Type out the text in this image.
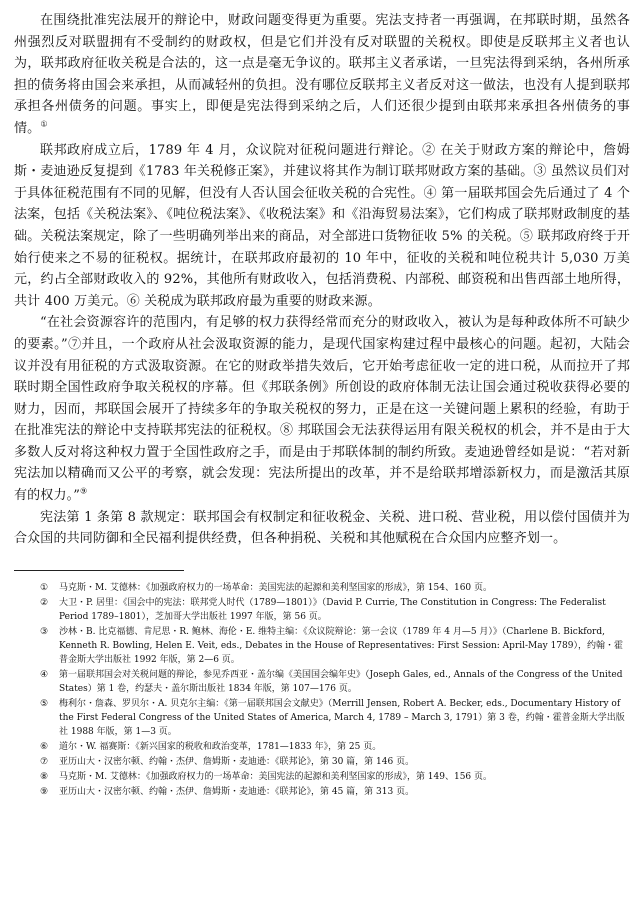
在围绕批准宪法展开的辩论中，财政问题变得更为重要。宪法支持者一再强调，在邦联时期，虽然各州强烈反对联盟拥有不受制约的财政权，但是它们并没有反对联盟的关税权。即使是反联邦主义者也认为，联邦政府征收关税是合法的，这一点是毫无争议的。联邦主义者承诺，一旦宪法得到采纳，各州所承担的债务将由国会来承担，从而减轻州的负担。没有哪位反联邦主义者反对这一做法，也没有人提到联邦承担各州债务的问题。事实上，即便是宪法得到采纳之后，人们还很少提到由联邦来承担各州债务的事情。①

联邦政府成立后，1789 年 4 月，众议院对征税问题进行辩论。② 在关于财政方案的辩论中，詹姆斯・麦迪逊反复提到《1783 年关税修正案》，并建议将其作为制订联邦财政方案的基础。③ 虽然议员们对于具体征税范围有不同的见解，但没有人否认国会征收关税的合宪性。④ 第一届联邦国会先后通过了 4 个法案，包括《关税法案》、《吨位税法案》、《收税法案》和《沿海贸易法案》，它们构成了联邦财政制度的基础。关税法案规定，除了一些明确列举出来的商品，对全部进口货物征收 5% 的关税。⑤ 联邦政府终于开始行使来之不易的征税权。据统计，在联邦政府最初的 10 年中，征收的关税和吨位税共计 5,030 万美元，约占全部财政收入的 92%，其他所有财政收入，包括消费税、内部税、邮资税和出售西部土地所得，共计 400 万美元。⑥ 关税成为联邦政府最为重要的财政来源。

“在社会资源容许的范围内，有足够的权力获得经常而充分的财政收入，被认为是每种政体所不可缺少的要素。”⑦并且，一个政府从社会汲取资源的能力，是现代国家构建过程中最核心的问题。起初，大陆会议并没有用征税的方式汲取资源。在它的财政举措失效后，它开始考虑征收一定的进口税，从而拉开了邦联时期全国性政府争取关税权的序幕。但《邦联条例》所创设的政府体制无法让国会通过税收获得必要的财力，因而，邦联国会展开了持续多年的争取关税权的努力，正是在这一关键问题上累积的经验，有助于在批准宪法的辩论中支持联邦宪法的征税权。⑧ 邦联国会无法获得运用有限关税权的机会，并不是由于大多数人反对将这种权力置于全国性政府之手，而是由于邦联体制的制约所致。麦迪逊曾经如是说：“若对新宪法加以精确而又公平的考察，就会发现：宪法所提出的改革，并不是给联邦增添新权力，而是激活其原有的权力。”⑨

宪法第 1 条第 8 款规定：联邦国会有权制定和征收税金、关税、进口税、营业税，用以偿付国债并为合众国的共同防御和全民福利提供经费，但各种捐税、关税和其他赋税在合众国内应整齐划一。

① 马克斯・M. 艾德林：《加强政府权力的一场革命：美国宪法的起源和美利坚国家的形成》，第 154、160 页。
② 大卫・P. 居里：《国会中的宪法：联邦党人时代（1789—1801）》（David P. Currie, The Constitution in Congress: The Federalist Period 1789–1801），芝加哥大学出版社 1997 年版，第 56 页。
③ 沙林・B. 比克福德、肯尼思・R. 鲍林、海伦・E. 维特主编：《众议院辩论：第一会议（1789 年 4 月—5 月）》（Charlene B. Bickford, Kenneth R. Bowling, Helen E. Veit, eds., Debates in the House of Representatives: First Session: April-May 1789），约翰・霍普金斯大学出版社 1992 年版，第 2—6 页。
④ 第一届联邦国会对关税问题的辩论，参见乔西亚・盖尔编《美国国会编年史》（Joseph Gales, ed., Annals of the Congress of the United States）第 1 卷，约瑟夫・盖尔斯出版社 1834 年版，第 107—176 页。
⑤ 梅利尔・詹森、罗贝尔・A. 贝克尔主编：《第一届联邦国会文献史》（Merrill Jensen, Robert A. Becker, eds., Documentary History of the First Federal Congress of the United States of America, March 4, 1789 – March 3, 1791）第 3 卷，约翰・霍普金斯大学出版社 1988 年版，第 1—3 页。
⑥ 道尔・W. 福赛斯：《新兴国家的税收和政治变革，1781—1833 年》，第 25 页。
⑦ 亚历山大・汉密尔顿、约翰・杰伊、詹姆斯・麦迪逊：《联邦论》，第 30 篇，第 146 页。
⑧ 马克斯・M. 艾德林：《加强政府权力的一场革命：美国宪法的起源和美利坚国家的形成》，第 149、156 页。
⑨ 亚历山大・汉密尔顿、约翰・杰伊、詹姆斯・麦迪逊：《联邦论》，第 45 篇，第 313 页。
